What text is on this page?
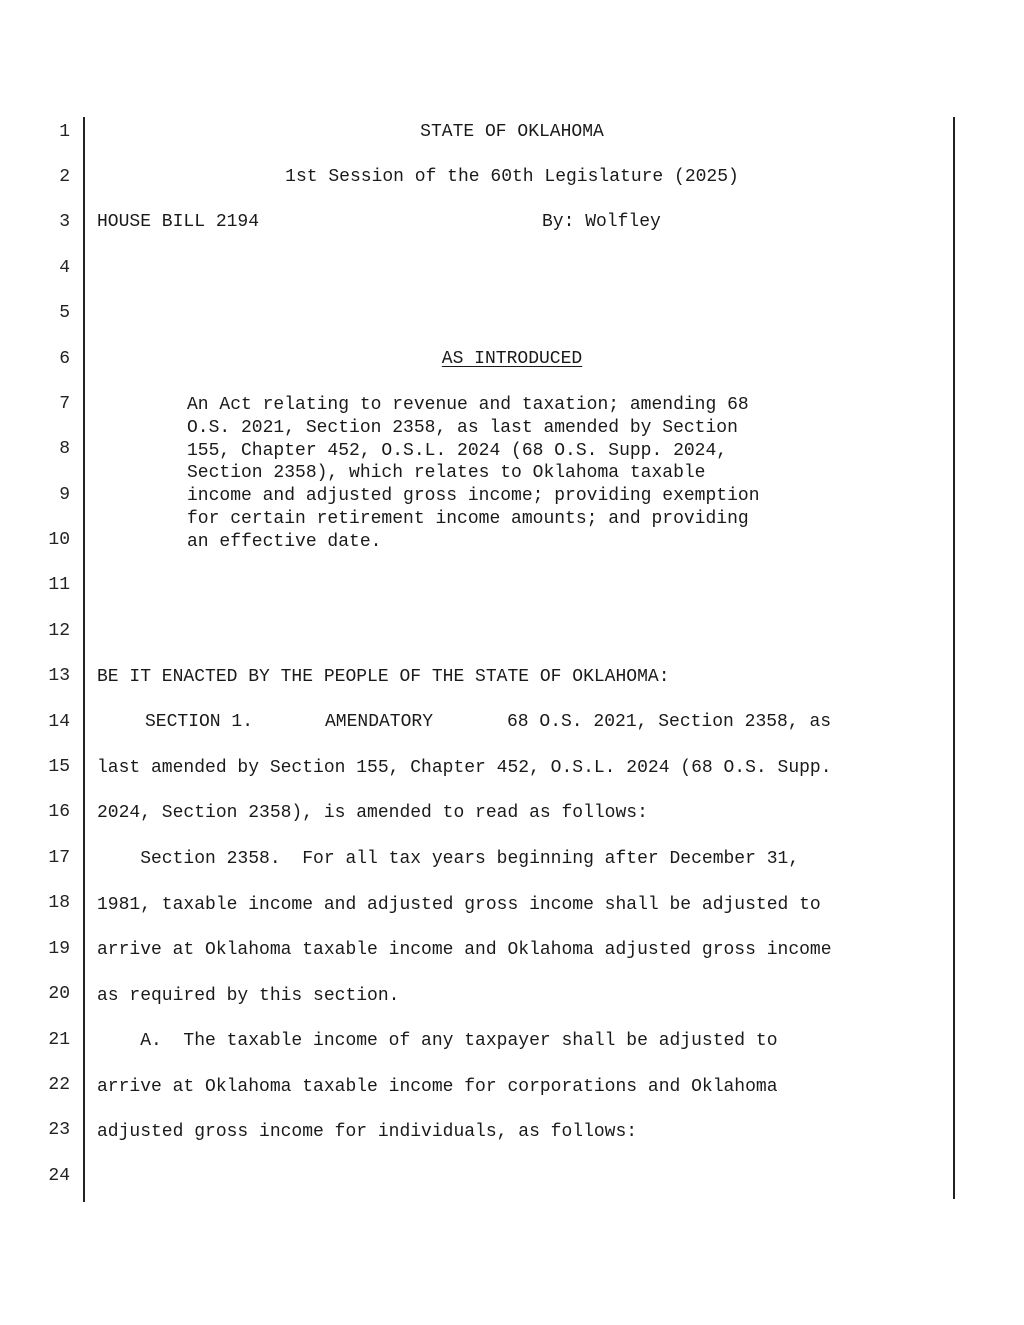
1
2
3
4
5
6
7
8
9
10
11
12
13
14
15
16
17
18
19
20
21
22
23
24
STATE OF OKLAHOMA
1st Session of the 60th Legislature (2025)
HOUSE BILL 2194	By: Wolfley
AS INTRODUCED
An Act relating to revenue and taxation; amending 68
O.S. 2021, Section 2358, as last amended by Section
155, Chapter 452, O.S.L. 2024 (68 O.S. Supp. 2024,
Section 2358), which relates to Oklahoma taxable
income and adjusted gross income; providing exemption
for certain retirement income amounts; and providing
an effective date.
BE IT ENACTED BY THE PEOPLE OF THE STATE OF OKLAHOMA:
SECTION 1.	AMENDATORY	68 O.S. 2021, Section 2358, as
last amended by Section 155, Chapter 452, O.S.L. 2024 (68 O.S. Supp.
2024, Section 2358), is amended to read as follows:
Section 2358.  For all tax years beginning after December 31,
1981, taxable income and adjusted gross income shall be adjusted to
arrive at Oklahoma taxable income and Oklahoma adjusted gross income
as required by this section.
A.  The taxable income of any taxpayer shall be adjusted to
arrive at Oklahoma taxable income for corporations and Oklahoma
adjusted gross income for individuals, as follows:
